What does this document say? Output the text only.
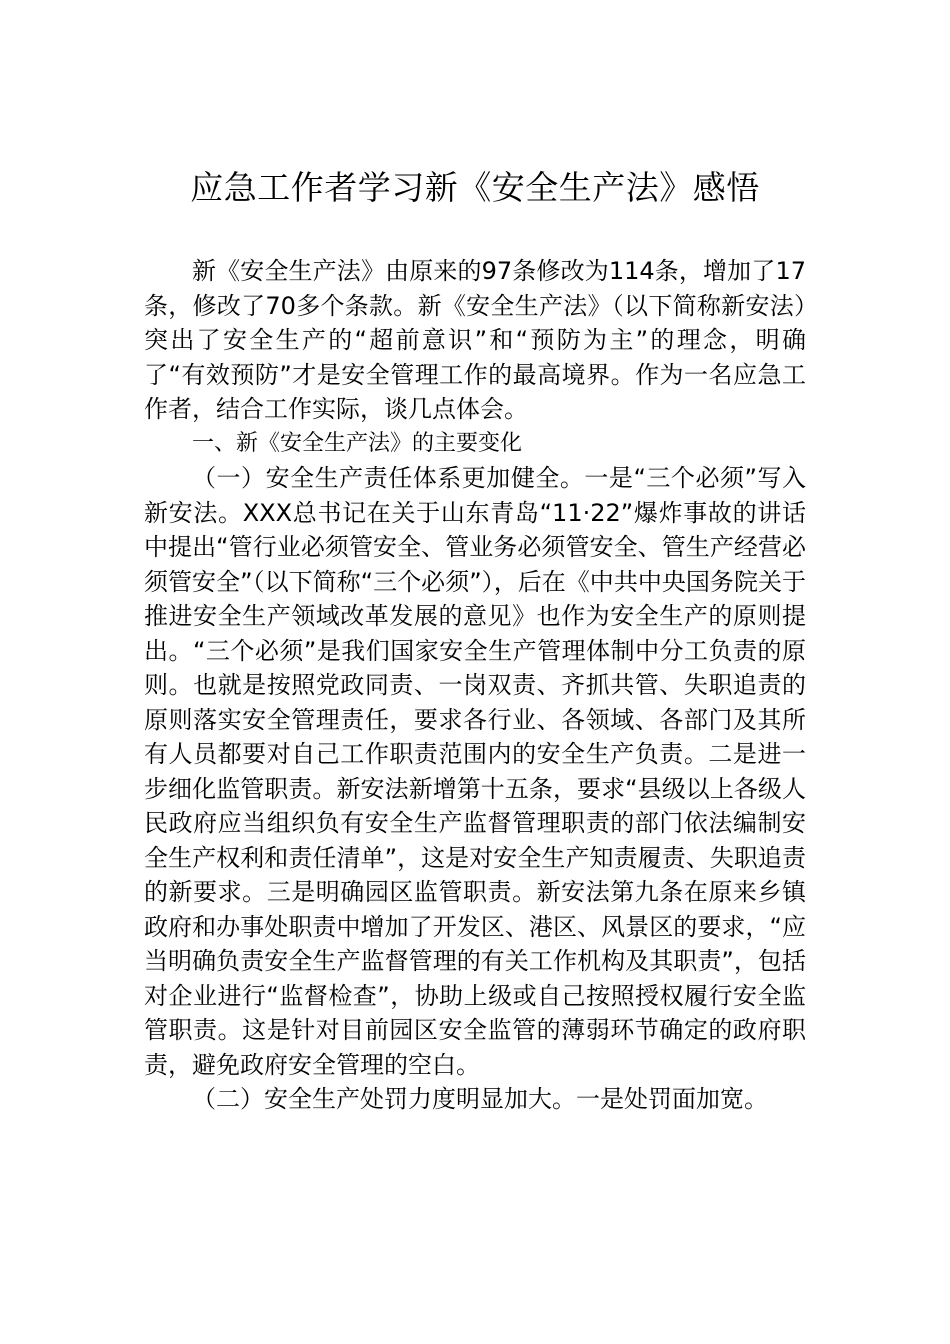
应急工作者学习新《安全生产法》感悟

新《安全生产法》由原来的97条修改为114条，增加了17条，修改了70多个条款。新《安全生产法》（以下简称新安法）突出了安全生产的“超前意识”和“预防为主”的理念，明确了“有效预防”才是安全管理工作的最高境界。作为一名应急工作者，结合工作实际，谈几点体会。

一、新《安全生产法》的主要变化

（一）安全生产责任体系更加健全。一是“三个必须”写入新安法。XXX总书记在关于山东青岛“11·22”爆炸事故的讲话中提出“管行业必须管安全、管业务必须管安全、管生产经营必须管安全”（以下简称“三个必须”），后在《中共中央国务院关于推进安全生产领域改革发展的意见》也作为安全生产的原则提出。“三个必须”是我们国家安全生产管理体制中分工负责的原则。也就是按照党政同责、一岗双责、齐抓共管、失职追责的原则落实安全管理责任，要求各行业、各领域、各部门及其所有人员都要对自己工作职责范围内的安全生产负责。二是进一步细化监管职责。新安法新增第十五条，要求“县级以上各级人民政府应当组织负有安全生产监督管理职责的部门依法编制安全生产权利和责任清单”，这是对安全生产知责履责、失职追责的新要求。三是明确园区监管职责。新安法第九条在原来乡镇政府和办事处职责中增加了开发区、港区、风景区的要求，“应当明确负责安全生产监督管理的有关工作机构及其职责”，包括对企业进行“监督检查”，协助上级或自己按照授权履行安全监管职责。这是针对目前园区安全监管的薄弱环节确定的政府职责，避免政府安全管理的空白。

（二）安全生产处罚力度明显加大。一是处罚面加宽。
